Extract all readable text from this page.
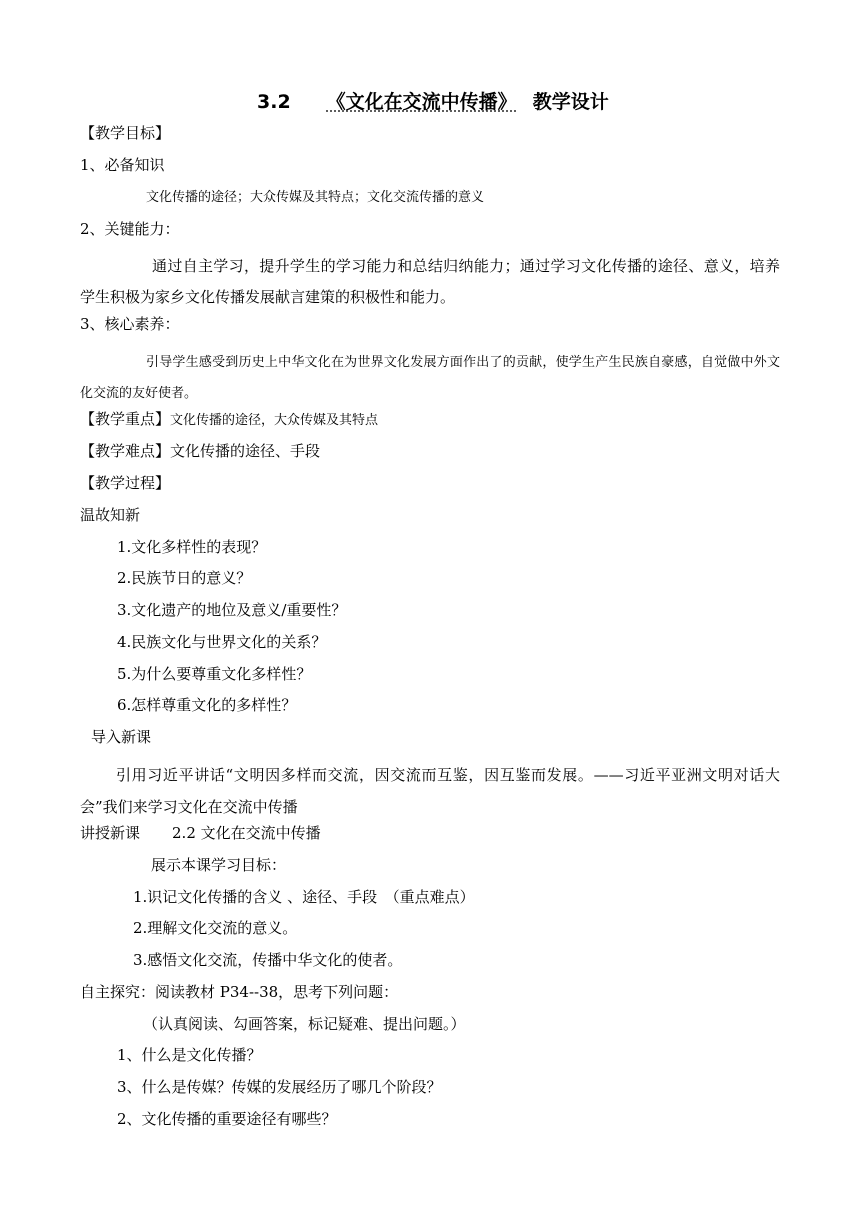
3.2 《文化在交流中传播》 教学设计
【教学目标】
1、必备知识
文化传播的途径；大众传媒及其特点；文化交流传播的意义
2、关键能力：
通过自主学习，提升学生的学习能力和总结归纳能力；通过学习文化传播的途径、意义，培养学生积极为家乡文化传播发展献言建策的积极性和能力。
3、核心素养：
引导学生感受到历史上中华文化在为世界文化发展方面作出了的贡献，使学生产生民族自豪感，自觉做中外文化交流的友好使者。
【教学重点】文化传播的途径，大众传媒及其特点
【教学难点】文化传播的途径、手段
【教学过程】
温故知新
1.文化多样性的表现？
2.民族节日的意义？
3.文化遗产的地位及意义/重要性？
4.民族文化与世界文化的关系？
5.为什么要尊重文化多样性？
6.怎样尊重文化的多样性？
导入新课
引用习近平讲话“文明因多样而交流，因交流而互鉴，因互鉴而发展。——习近平亚洲文明对话大会”我们来学习文化在交流中传播
讲授新课 2.2 文化在交流中传播
展示本课学习目标：
1.识记文化传播的含义 、途径、手段　（重点难点）
2.理解文化交流的意义。
3.感悟文化交流，传播中华文化的使者。
自主探究：阅读教材 P34--38，思考下列问题：
（认真阅读、勾画答案，标记疑难、提出问题。）
1、什么是文化传播？
3、什么是传媒？传媒的发展经历了哪几个阶段？
2、文化传播的重要途径有哪些？
